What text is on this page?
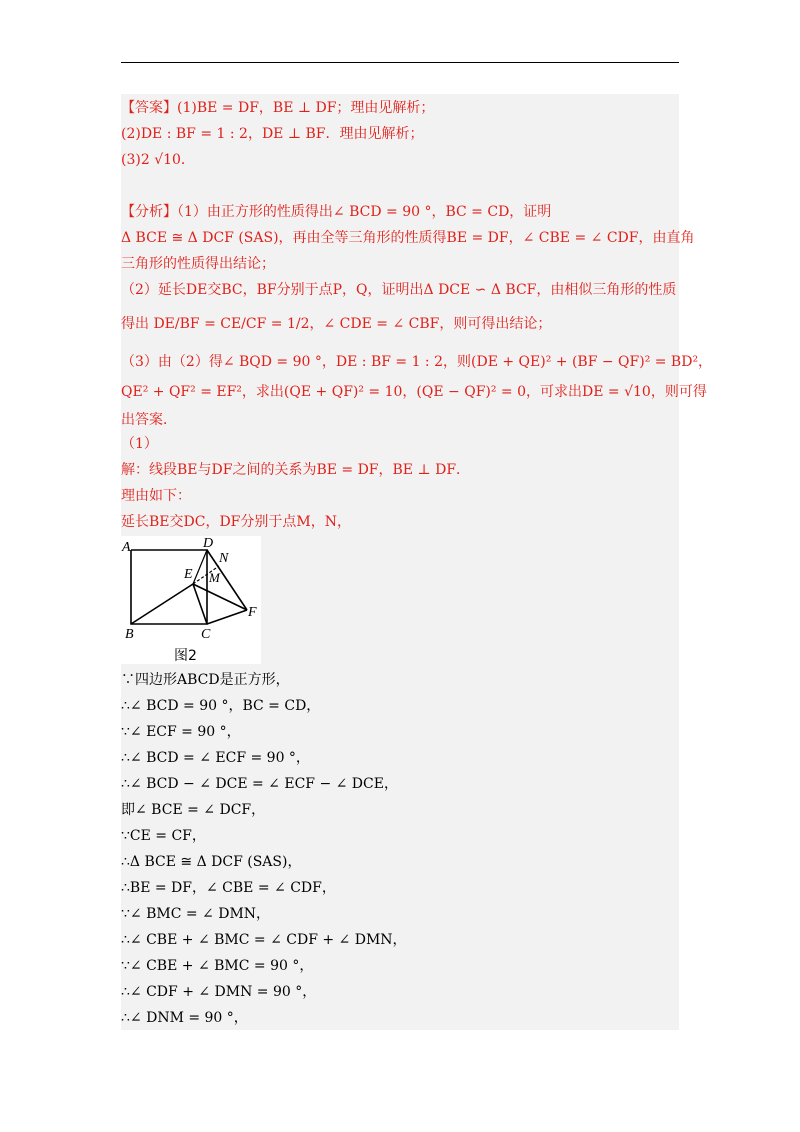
【答案】(1)BE = DF，BE ⊥ DF；理由见解析；
(2)DE : BF = 1 : 2，DE ⊥ BF．理由见解析；
(3)2 √10．
【分析】（1）由正方形的性质得出∠ BCD = 90 °，BC = CD，证明
Δ BCE ≅ Δ DCF (SAS)，再由全等三角形的性质得BE = DF，∠ CBE = ∠ CDF，由直角
三角形的性质得出结论；
（2）延长DE交BC，BF分别于点P，Q，证明出Δ DCE ∽ Δ BCF，由相似三角形的性质
得出 DE/BF = CE/CF = 1/2，∠ CDE = ∠ CBF，则可得出结论；
（3）由（2）得∠ BQD = 90 °，DE : BF = 1 : 2，则(DE + QE)² + (BF − QF)² = BD²，
QE² + QF² = EF²，求出(QE + QF)² = 10，(QE − QF)² = 0，可求出DE = √10，则可得
出答案．
（1）
解：线段BE与DF之间的关系为BE = DF，BE ⊥ DF．
理由如下：
延长BE交DC，DF分别于点M，N，
∵四边形ABCD是正方形，
∴∠ BCD = 90 °，BC = CD，
∵∠ ECF = 90 °，
∴∠ BCD = ∠ ECF = 90 °，
∴∠ BCD − ∠ DCE = ∠ ECF − ∠ DCE，
即∠ BCE = ∠ DCF，
∵CE = CF，
∴Δ BCE ≅ Δ DCF (SAS)，
∴BE = DF，∠ CBE = ∠ CDF，
∵∠ BMC = ∠ DMN，
∴∠ CBE + ∠ BMC = ∠ CDF + ∠ DMN，
∵∠ CBE + ∠ BMC = 90 °，
∴∠ CDF + ∠ DMN = 90 °，
∴∠ DNM = 90 °，
A	D
N
E M
F
B	C
图2
